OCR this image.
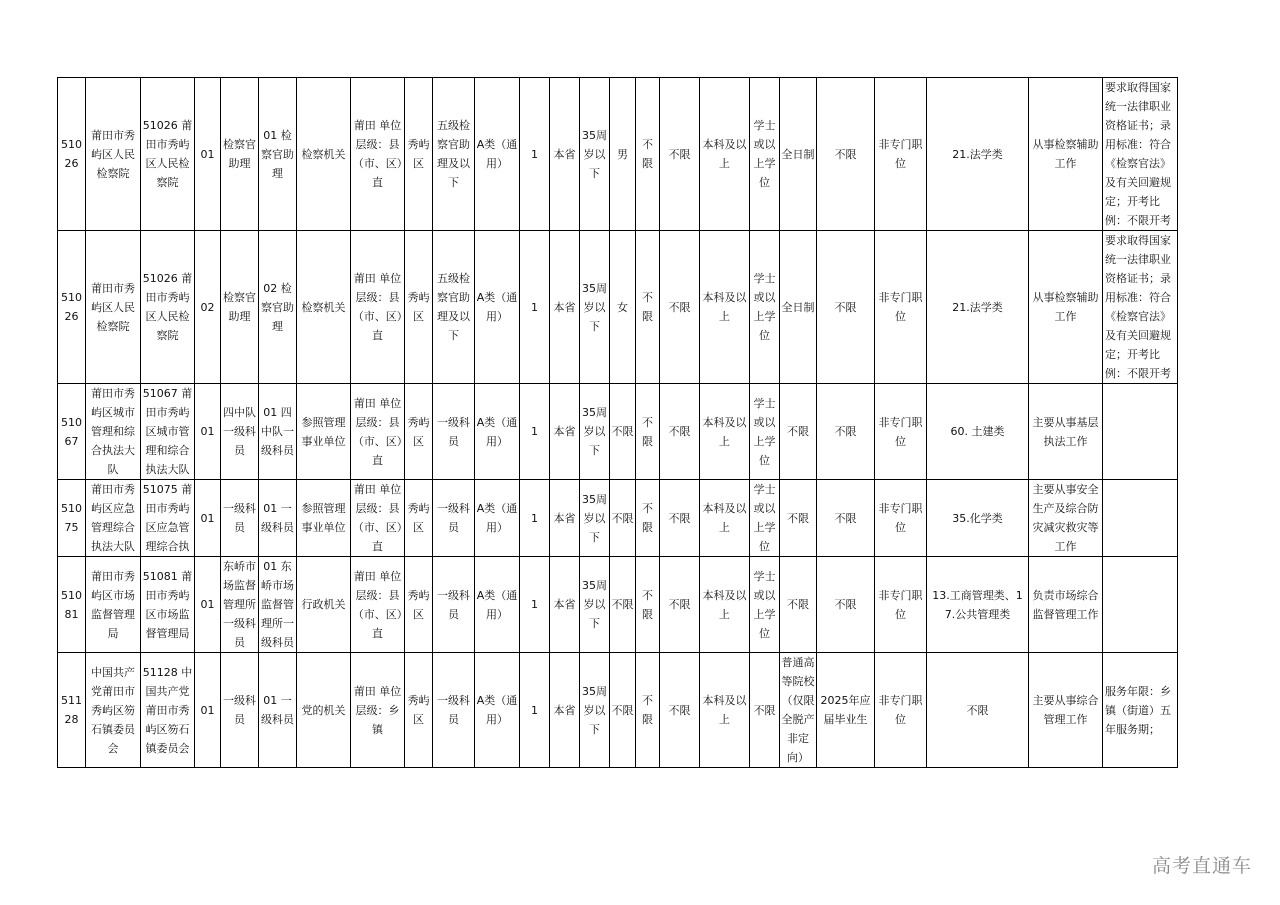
51026	莆田市秀屿区人民检察院	51026 莆田市秀屿区人民检察院	01	检察官助理	01 检察官助理	检察机关	莆田 单位层级：县（市、区）直	秀屿区	五级检察官助理及以下	A类（通用）	1	本省	35周岁以下	男	不限	不限	本科及以上	学士或以上学位	全日制	不限	非专门职位	21.法学类	从事检察辅助工作	要求取得国家统一法律职业资格证书；录用标准：符合《检察官法》及有关回避规定；开考比例：不限开考
51026	莆田市秀屿区人民检察院	51026 莆田市秀屿区人民检察院	02	检察官助理	02 检察官助理	检察机关	莆田 单位层级：县（市、区）直	秀屿区	五级检察官助理及以下	A类（通用）	1	本省	35周岁以下	女	不限	不限	本科及以上	学士或以上学位	全日制	不限	非专门职位	21.法学类	从事检察辅助工作	要求取得国家统一法律职业资格证书；录用标准：符合《检察官法》及有关回避规定；开考比例：不限开考
51067	莆田市秀屿区城市管理和综合执法大队	51067 莆田市秀屿区城市管理和综合执法大队	01	四中队一级科员	01 四中队一级科员	参照管理事业单位	莆田 单位层级：县（市、区）直	秀屿区	一级科员	A类（通用）	1	本省	35周岁以下	不限	不限	不限	本科及以上	学士或以上学位	不限	不限	非专门职位	60. 土建类	主要从事基层执法工作	
51075	莆田市秀屿区应急管理综合执法大队	51075 莆田市秀屿区应急管理综合执	01	一级科员	01 一级科员	参照管理事业单位	莆田 单位层级：县（市、区）直	秀屿区	一级科员	A类（通用）	1	本省	35周岁以下	不限	不限	不限	本科及以上	学士或以上学位	不限	不限	非专门职位	35.化学类	主要从事安全生产及综合防灾减灾救灾等工作	
51081	莆田市秀屿区市场监督管理局	51081 莆田市秀屿区市场监督管理局	01	东峤市场监督管理所一级科员	01 东峤市场监督管理所一级科员	行政机关	莆田 单位层级：县（市、区）直	秀屿区	一级科员	A类（通用）	1	本省	35周岁以下	不限	不限	不限	本科及以上	学士或以上学位	不限	不限	非专门职位	13.工商管理类、17.公共管理类	负责市场综合监督管理工作	
51128	中国共产党莆田市秀屿区笏石镇委员会	51128 中国共产党莆田市秀屿区笏石镇委员会	01	一级科员	01 一级科员	党的机关	莆田 单位层级：乡镇	秀屿区	一级科员	A类（通用）	1	本省	35周岁以下	不限	不限	不限	本科及以上	不限	普通高等院校（仅限全脱产非定向）	2025年应届毕业生	非专门职位	不限	主要从事综合管理工作	服务年限：乡镇（街道）五年服务期；
高考直通车
